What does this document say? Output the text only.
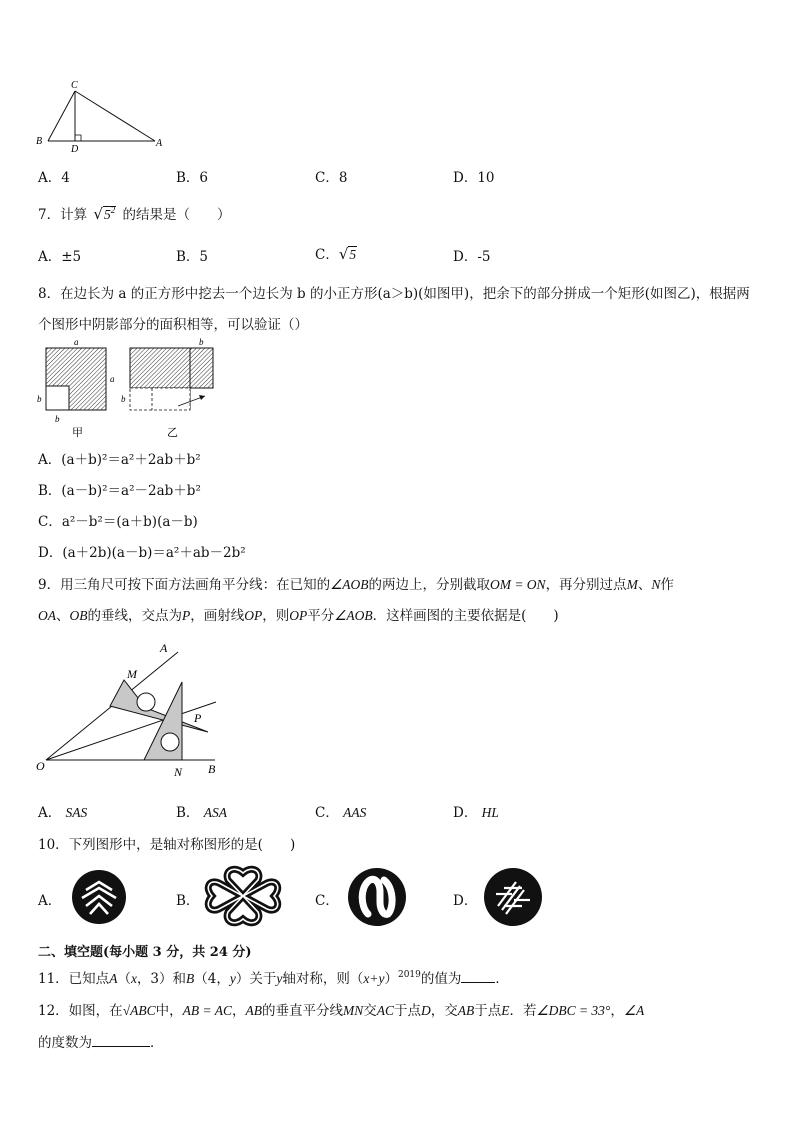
C
B
D
A
A．4	B．6	C．8	D．10
7．计算 $√5^2$ 的结果是（　　）
A．±5	B．5	C．√5	D．-5
8．在边长为 a 的正方形中挖去一个边长为 b 的小正方形(a＞b)(如图甲)，把余下的部分拼成一个矩形(如图乙)，根据两
个图形中阴影部分的面积相等，可以验证（）
a
a
b
b
甲
b
b
乙
A．(a＋b)²＝a²＋2ab＋b²
B．(a－b)²＝a²－2ab＋b²
C．a²－b²＝(a＋b)(a－b)
D．(a＋2b)(a－b)＝a²＋ab－2b²
9．用三角尺可按下面方法画角平分线：在已知的∠AOB的两边上，分别截取OM = ON，再分别过点M、N作
OA、OB的垂线，交点为P，画射线OP，则OP平分∠AOB．这样画图的主要依据是(　　)
A
M
P
O	N B
A． SAS	B． ASA	C． AAS	D． HL
10．下列图形中，是轴对称图形的是(　　)
A．	B．	C．	D．
二、填空题(每小题 3 分，共 24 分)
11．已知点A（x，3）和B（4，y）关于y轴对称，则$(x+y)^{2019}$的值为	．
12．如图，在√ABC中，AB = AC，AB的垂直平分线MN交AC于点D，交AB于点E．若∠DBC = 33°，∠A
的度数为	．
